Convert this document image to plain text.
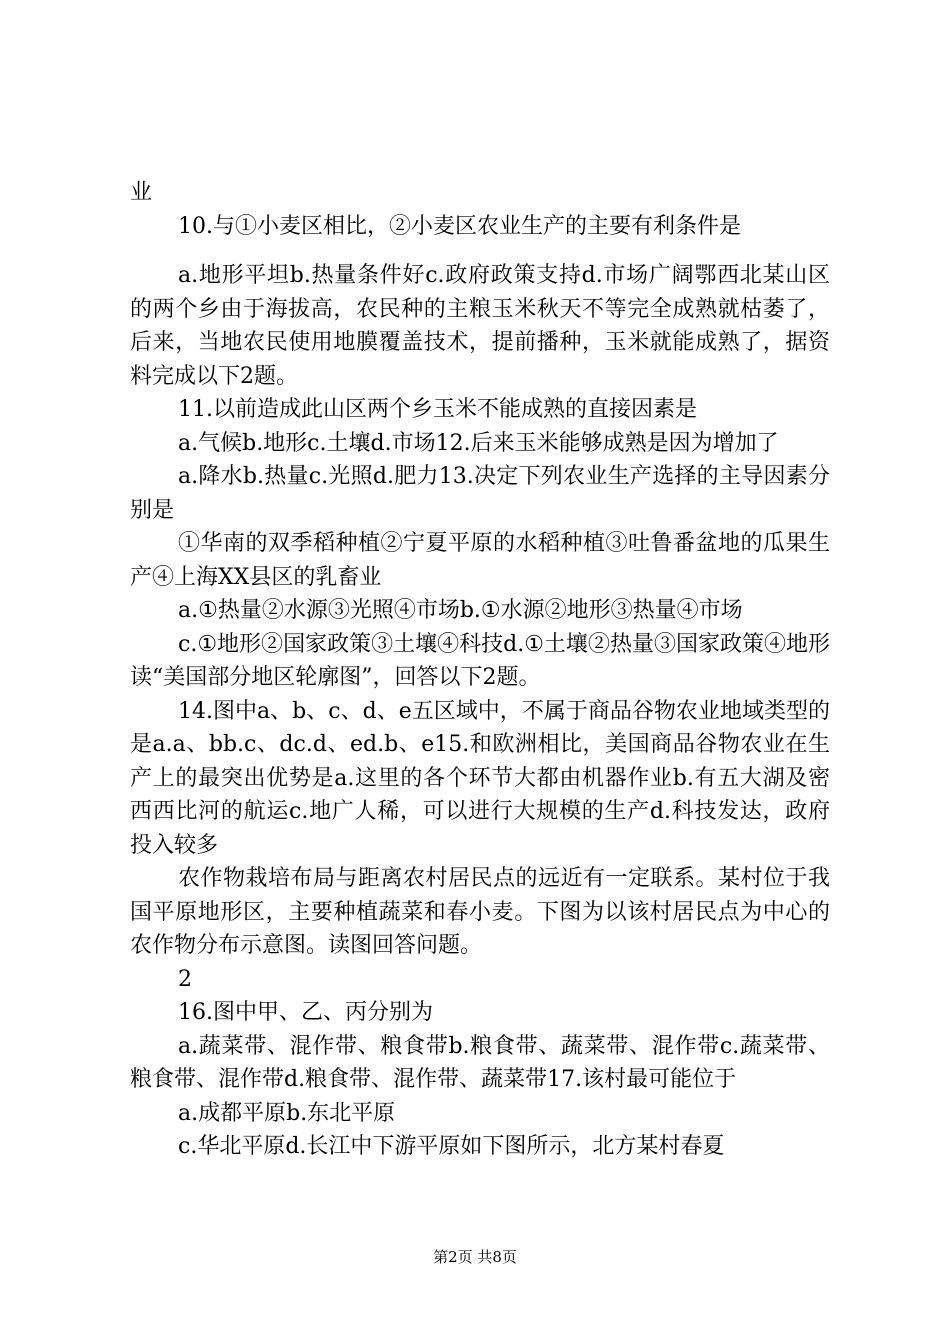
业

10.与①小麦区相比，②小麦区农业生产的主要有利条件是

a.地形平坦b.热量条件好c.政府政策支持d.市场广阔鄂西北某山区的两个乡由于海拔高，农民种的主粮玉米秋天不等完全成熟就枯萎了，后来，当地农民使用地膜覆盖技术，提前播种，玉米就能成熟了，据资料完成以下2题。

11.以前造成此山区两个乡玉米不能成熟的直接因素是

a.气候b.地形c.土壤d.市场12.后来玉米能够成熟是因为增加了

a.降水b.热量c.光照d.肥力13.决定下列农业生产选择的主导因素分别是

①华南的双季稻种植②宁夏平原的水稻种植③吐鲁番盆地的瓜果生产④上海XX县区的乳畜业

a.①热量②水源③光照④市场b.①水源②地形③热量④市场

c.①地形②国家政策③土壤④科技d.①土壤②热量③国家政策④地形读“美国部分地区轮廓图”，回答以下2题。

14.图中a、b、c、d、e五区域中，不属于商品谷物农业地域类型的是a.a、bb.c、dc.d、ed.b、e15.和欧洲相比，美国商品谷物农业在生产上的最突出优势是a.这里的各个环节大都由机器作业b.有五大湖及密西西比河的航运c.地广人稀，可以进行大规模的生产d.科技发达，政府投入较多

农作物栽培布局与距离农村居民点的远近有一定联系。某村位于我国平原地形区，主要种植蔬菜和春小麦。下图为以该村居民点为中心的农作物分布示意图。读图回答问题。

2

16.图中甲、乙、丙分别为

a.蔬菜带、混作带、粮食带b.粮食带、蔬菜带、混作带c.蔬菜带、粮食带、混作带d.粮食带、混作带、蔬菜带17.该村最可能位于

a.成都平原b.东北平原

c.华北平原d.长江中下游平原如下图所示，北方某村春夏

第2页 共8页
